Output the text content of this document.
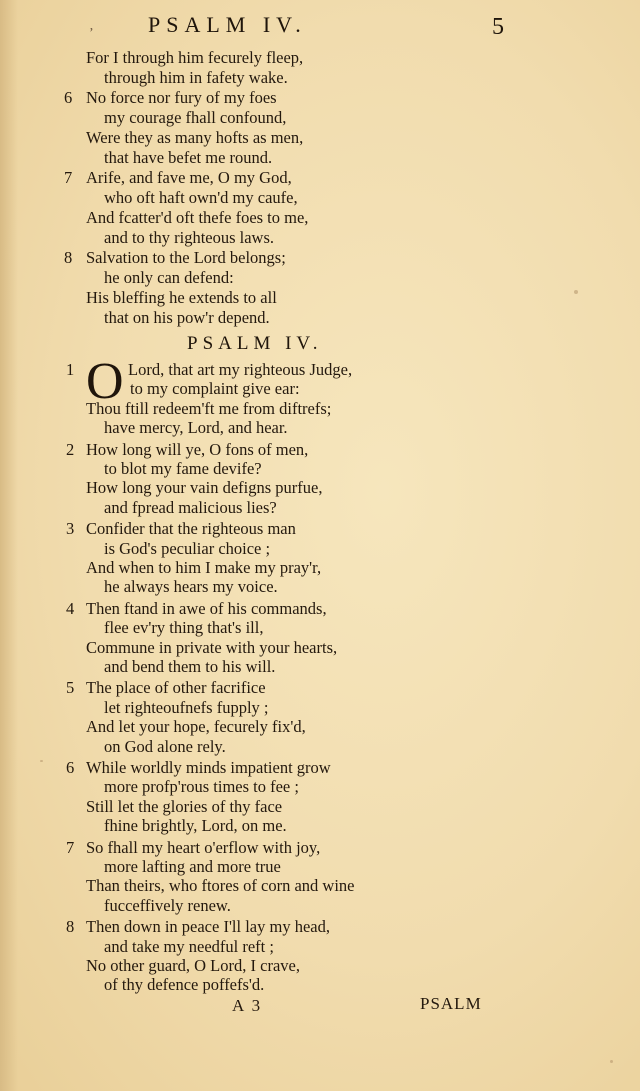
ʼ PSALM IV.	5
For I through him fecurely fleep,
through him in fafety wake.
6 No force nor fury of my foes
my courage fhall confound,
Were they as many hofts as men,
that have befet me round.
7 Arife, and fave me, O my God,
who oft haft own'd my caufe,
And fcatter'd oft thefe foes to me,
and to thy righteous laws.
8 Salvation to the Lord belongs;
he only can defend:
His bleffing he extends to all
that on his pow'r depend.
PSALM IV.
O
1	Lord, that art my righteous Judge,
to my complaint give ear:
Thou ftill redeem'ft me from diftrefs;
have mercy, Lord, and hear.
2 How long will ye, O fons of men,
to blot my fame devife?
How long your vain defigns purfue,
and fpread malicious lies?
3 Confider that the righteous man
is God's peculiar choice ;
And when to him I make my pray'r,
he always hears my voice.
4 Then ftand in awe of his commands,
flee ev'ry thing that's ill,
Commune in private with your hearts,
and bend them to his will.
5 The place of other facrifice
let righteoufnefs fupply ;
And let your hope, fecurely fix'd,
on God alone rely.
6 While worldly minds impatient grow
more profp'rous times to fee ;
Still let the glories of thy face
fhine brightly, Lord, on me.
7 So fhall my heart o'erflow with joy,
more lafting and more true
Than theirs, who ftores of corn and wine
fucceffively renew.
8 Then down in peace I'll lay my head,
and take my needful reft ;
No other guard, O Lord, I crave,
of thy defence poffefs'd.
A 3	PSALM
